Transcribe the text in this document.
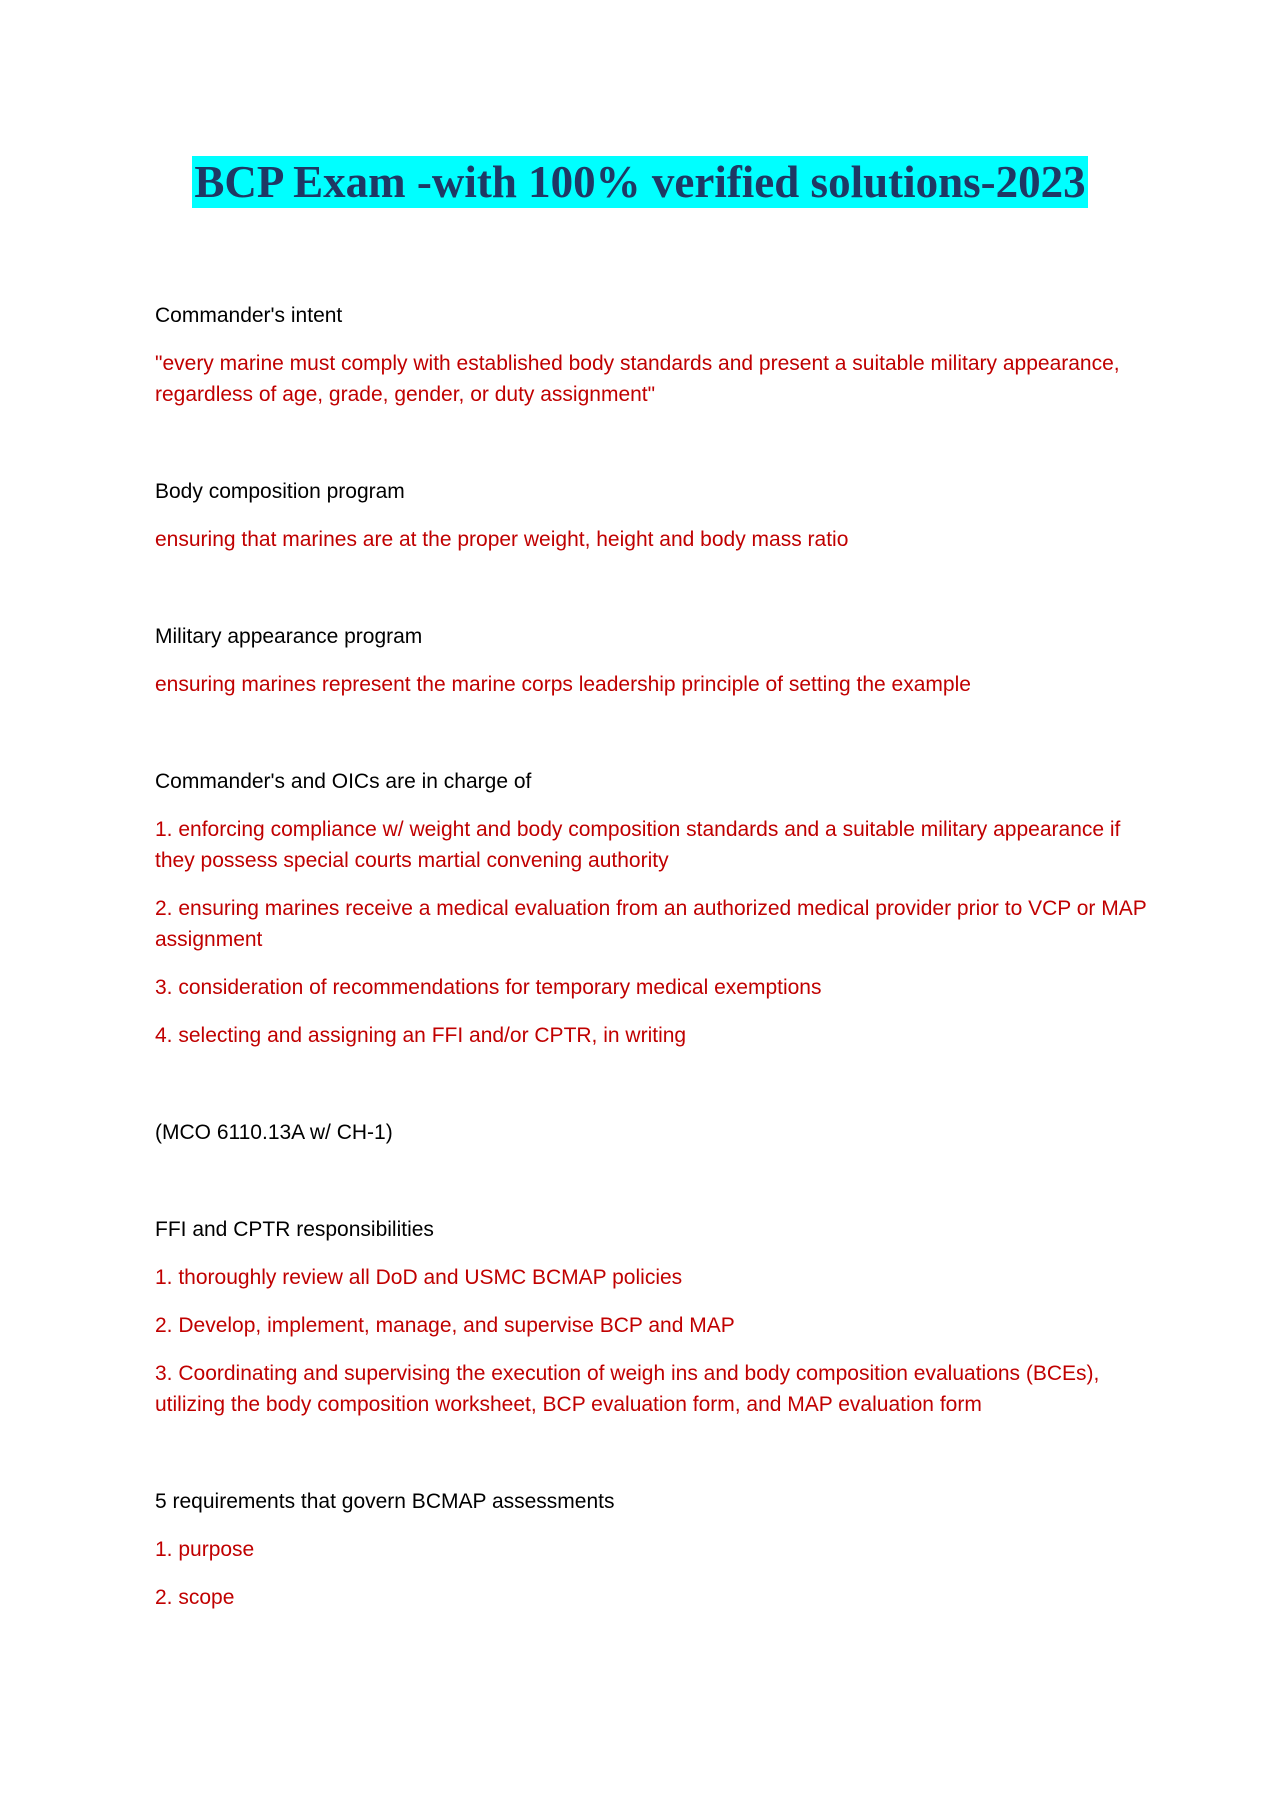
BCP Exam -with 100% verified solutions-2023

Commander's intent

"every marine must comply with established body standards and present a suitable military appearance, regardless of age, grade, gender, or duty assignment"

Body composition program

ensuring that marines are at the proper weight, height and body mass ratio

Military appearance program

ensuring marines represent the marine corps leadership principle of setting the example

Commander's and OICs are in charge of

1. enforcing compliance w/ weight and body composition standards and a suitable military appearance if they possess special courts martial convening authority

2. ensuring marines receive a medical evaluation from an authorized medical provider prior to VCP or MAP assignment

3. consideration of recommendations for temporary medical exemptions

4. selecting and assigning an FFI and/or CPTR, in writing

(MCO 6110.13A w/ CH-1)

FFI and CPTR responsibilities

1. thoroughly review all DoD and USMC BCMAP policies

2. Develop, implement, manage, and supervise BCP and MAP

3. Coordinating and supervising the execution of weigh ins and body composition evaluations (BCEs), utilizing the body composition worksheet, BCP evaluation form, and MAP evaluation form

5 requirements that govern BCMAP assessments

1. purpose

2. scope
